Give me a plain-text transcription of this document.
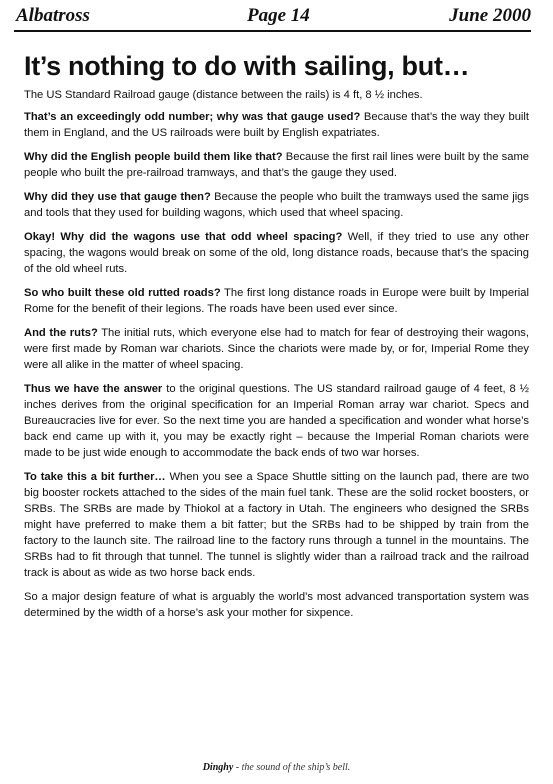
Albatross	Page 14	June 2000
It’s nothing to do with sailing, but…

The US Standard Railroad gauge (distance between the rails) is 4 ft, 8 ½ inches.

That’s an exceedingly odd number; why was that gauge used? Because that’s the way they built them in England, and the US railroads were built by English expatriates.

Why did the English people build them like that? Because the first rail lines were built by the same people who built the pre-railroad tramways, and that’s the gauge they used.

Why did they use that gauge then? Because the people who built the tramways used the same jigs and tools that they used for building wagons, which used that wheel spacing.

Okay! Why did the wagons use that odd wheel spacing? Well, if they tried to use any other spacing, the wagons would break on some of the old, long distance roads, because that’s the spacing of the old wheel ruts.

So who built these old rutted roads? The first long distance roads in Europe were built by Imperial Rome for the benefit of their legions. The roads have been used ever since.

And the ruts? The initial ruts, which everyone else had to match for fear of destroying their wagons, were first made by Roman war chariots. Since the chariots were made by, or for, Imperial Rome they were all alike in the matter of wheel spacing.

Thus we have the answer to the original questions. The US standard railroad gauge of 4 feet, 8 ½ inches derives from the original specification for an Imperial Roman array war chariot. Specs and Bureaucracies live for ever. So the next time you are handed a specification and wonder what horse’s back end came up with it, you may be exactly right – because the Imperial Roman chariots were made to be just wide enough to accommodate the back ends of two war horses.

To take this a bit further… When you see a Space Shuttle sitting on the launch pad, there are two big booster rockets attached to the sides of the main fuel tank. These are the solid rocket boosters, or SRBs. The SRBs are made by Thiokol at a factory in Utah. The engineers who designed the SRBs might have preferred to make them a bit fatter; but the SRBs had to be shipped by train from the factory to the launch site. The railroad line to the factory runs through a tunnel in the mountains. The SRBs had to fit through that tunnel. The tunnel is slightly wider than a railroad track and the railroad track is about as wide as two horse back ends.

So a major design feature of what is arguably the world’s most advanced transportation system was determined by the width of a horse’s ask your mother for sixpence.

Dinghy - the sound of the ship’s bell.
